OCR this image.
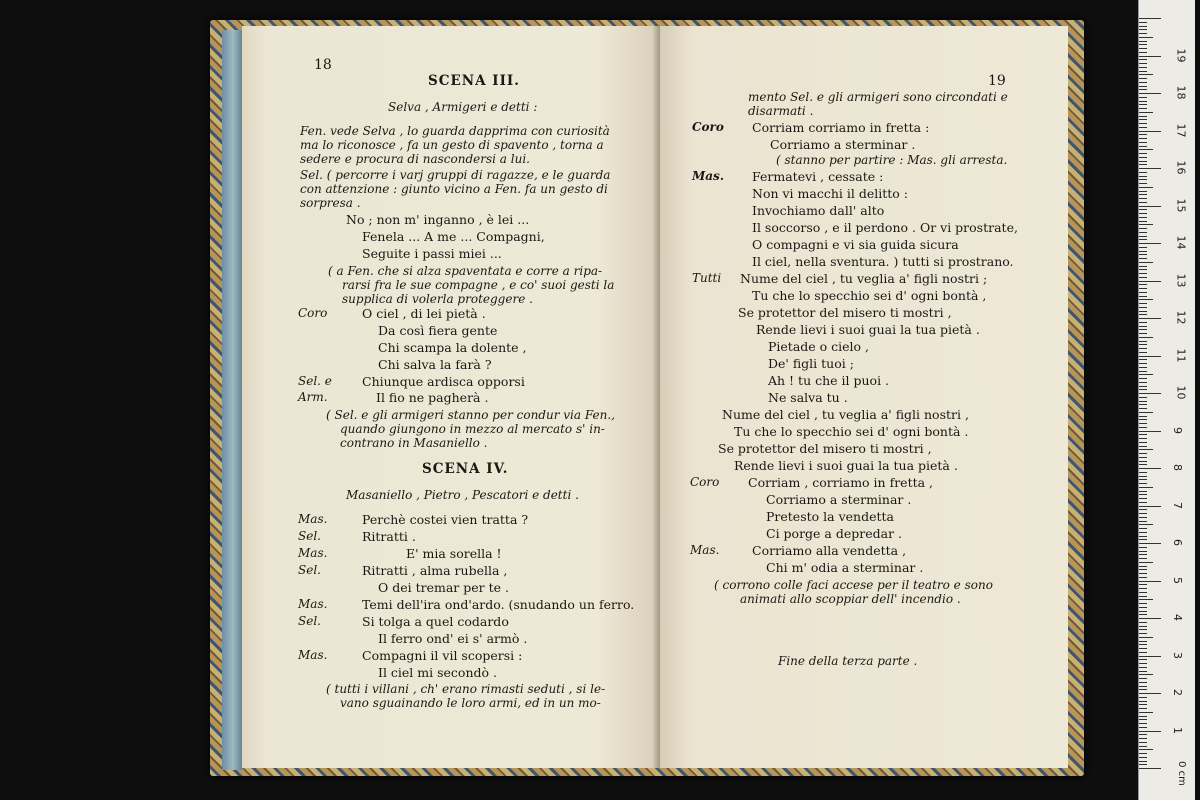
18
SCENA III.
Selva , Armigeri e detti :
Fen. vede Selva , lo guarda dapprima con curiosità
ma lo riconosce , fa un gesto di spavento , torna a
sedere e procura di nascondersi a lui.
Sel. ( percorre i varj gruppi di ragazze, e le guarda
con attenzione : giunto vicino a Fen. fa un gesto di
sorpresa .
No ; non m' inganno , è lei ...
Fenela ... A me ... Compagni,
Seguite i passi miei ...
( a Fen. che si alza spaventata e corre a ripa-
rarsi fra le sue compagne , e co' suoi gesti la
supplica di volerla proteggere .
Coro	O ciel , di lei pietà .
Da così fiera gente
Chi scampa la dolente ,
Chi salva la farà ?
Sel. e Chiunque ardisca opporsi
Arm.	Il fio ne pagherà .
( Sel. e gli armigeri stanno per condur via Fen.,
quando giungono in mezzo al mercato s' in-
contrano in Masaniello .
SCENA IV.
Masaniello , Pietro , Pescatori e detti .
Mas.	Perchè costei vien tratta ?
Sel.	Ritratti .
Mas.	E' mia sorella !
Sel.	Ritratti , alma rubella ,
O dei tremar per te .
Mas.	Temi dell'ira ond'ardo. (snudando un ferro.
Sel.	Si tolga a quel codardo
Il ferro ond' ei s' armò .
Mas.	Compagni il vil scopersi :
Il ciel mi secondò .
( tutti i villani , ch' erano rimasti seduti , si le-
vano sguainando le loro armi, ed in un mo-
19
mento Sel. e gli armigeri sono circondati e
disarmati .
Coro Corriam corriamo in fretta :
Corriamo a sterminar .
( stanno per partire : Mas. gli arresta.
Mas. Fermatevi , cessate :
Non vi macchi il delitto :
Invochiamo dall' alto
Il soccorso , e il perdono . Or vi prostrate,
O compagni e vi sia guida sicura
Il ciel, nella sventura. ) tutti si prostrano.
Tutti Nume del ciel , tu veglia a' figli nostri ;
Tu che lo specchio sei d' ogni bontà ,
Se protettor del misero ti mostri ,
Rende lievi i suoi guai la tua pietà .
Pietade o cielo ,
De' figli tuoi ;
Ah ! tu che il puoi .
Ne salva tu .
Nume del ciel , tu veglia a' figli nostri ,
Tu che lo specchio sei d' ogni bontà .
Se protettor del misero ti mostri ,
Rende lievi i suoi guai la tua pietà .
Coro Corriam , corriamo in fretta ,
Corriamo a sterminar .
Pretesto la vendetta
Ci porge a depredar .
Mas.	Corriamo alla vendetta ,
Chi m' odia a sterminar .
( corrono colle faci accese per il teatro e sono
animati allo scoppiar dell' incendio .
Fine della terza parte .
1
2
3
4
5
6
7
8
9
10
11
12
13
14
15
16
17
18
19
0 cm
